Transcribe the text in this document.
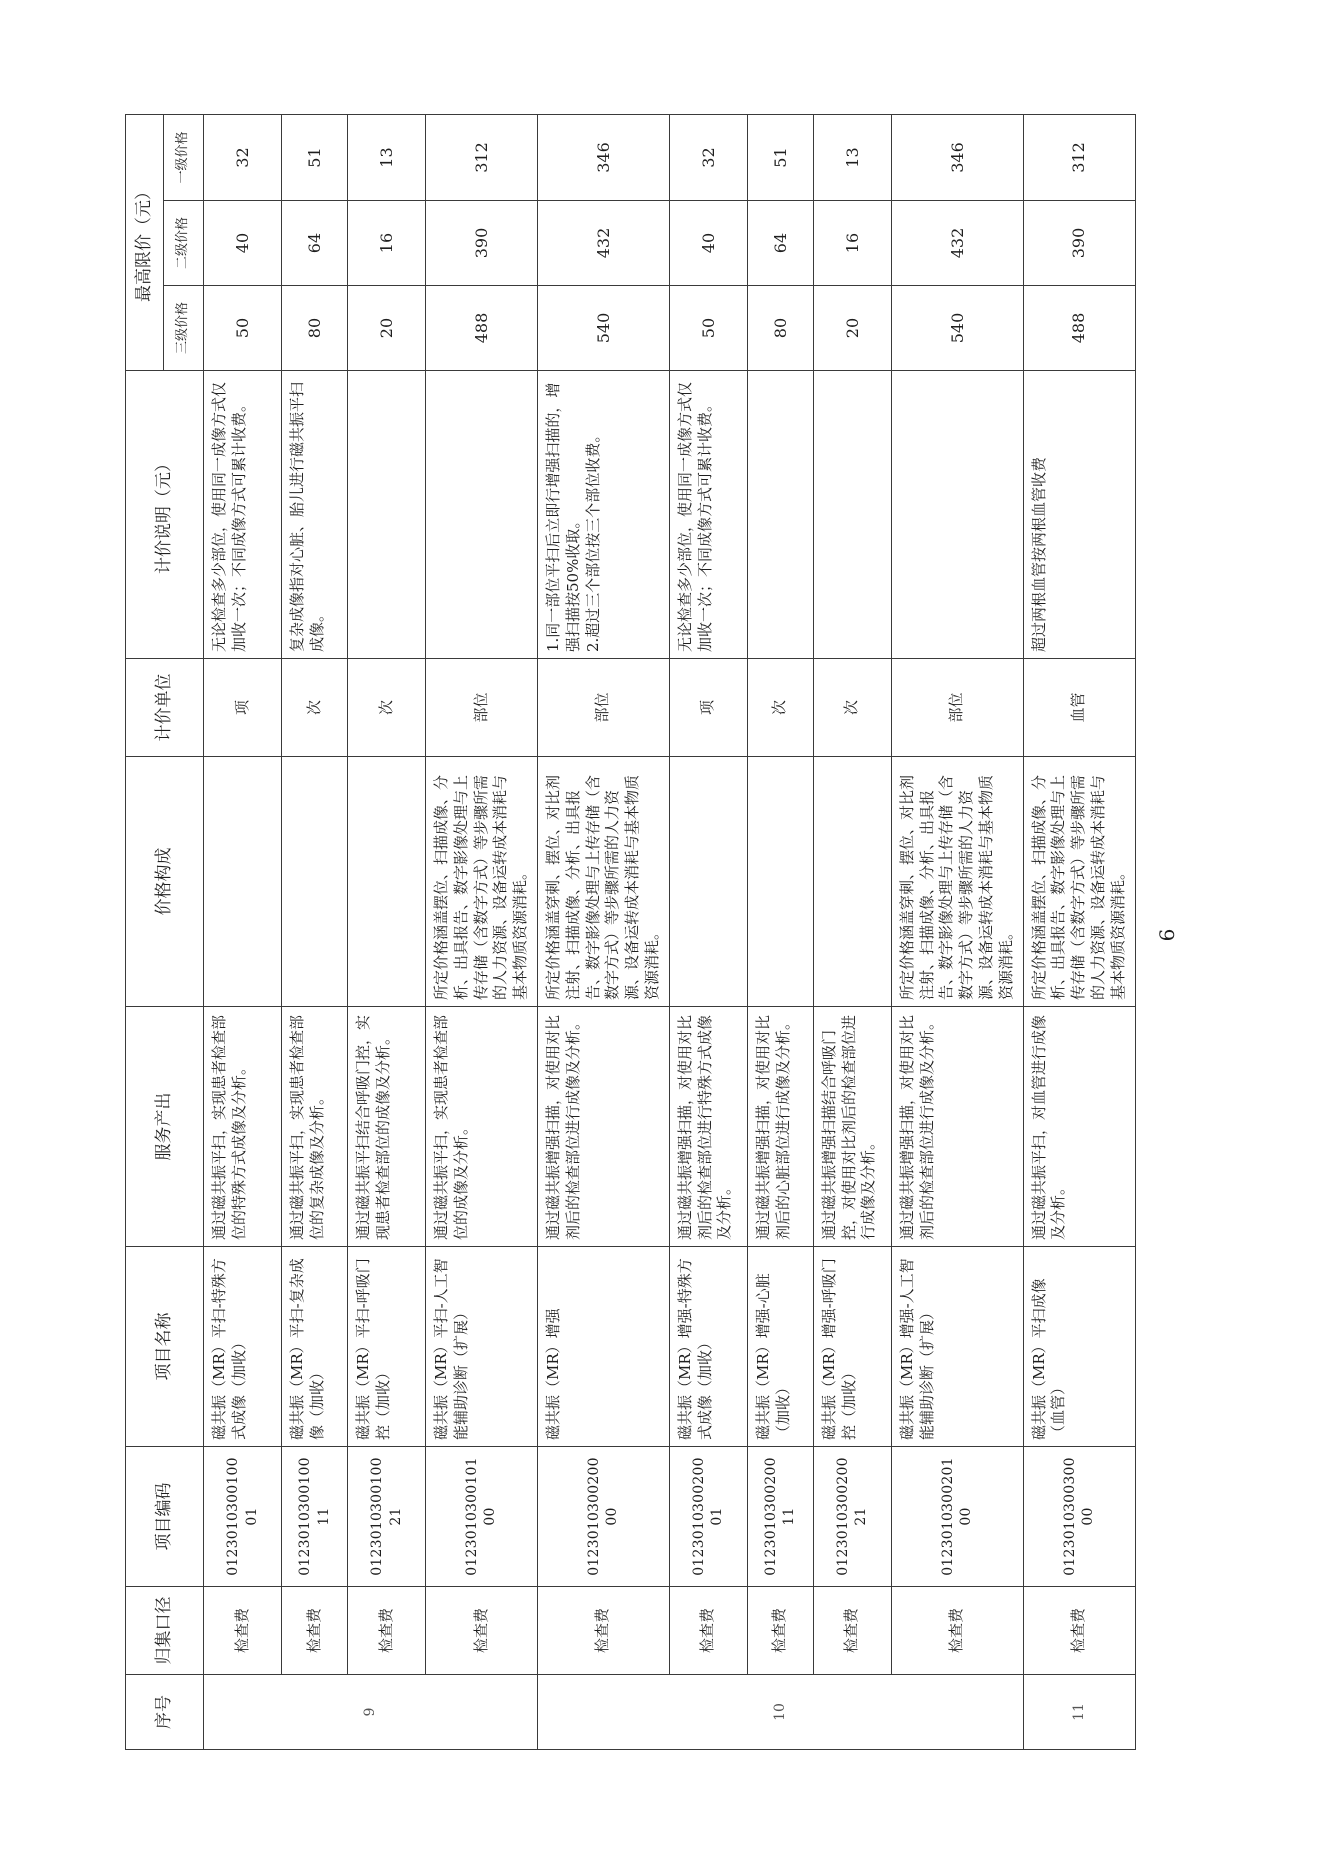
序号	归集口径	项目编码	项目名称	服务产出	价格构成	计价单位	计价说明（元）	最高限价（元）		
								三级价格	二级价格	一级价格
9	检查费	012301030010001	磁共振（MR）平扫-特殊方式成像（加收）	通过磁共振平扫，实现患者检查部位的特殊方式成像及分析。		项	无论检查多少部位，使用同一成像方式仅加收一次；不同成像方式可累计收费。	50	40	32
	检查费	012301030010011	磁共振（MR）平扫-复杂成像（加收）	通过磁共振平扫，实现患者检查部位的复杂成像及分析。		次	复杂成像指对心脏、胎儿进行磁共振平扫成像。	80	64	51
	检查费	012301030010021	磁共振（MR）平扫-呼吸门控（加收）	通过磁共振平扫结合呼吸门控，实现患者检查部位的成像及分析。		次		20	16	13
	检查费	012301030010100	磁共振（MR）平扫-人工智能辅助诊断（扩展）	通过磁共振平扫，实现患者检查部位的成像及分析。	所定价格涵盖摆位、扫描成像、分析、出具报告、数字影像处理与上传存储（含数字方式）等步骤所需的人力资源、设备运转成本消耗与基本物质资源消耗。	部位		488	390	312
10	检查费	012301030020000	磁共振（MR）增强	通过磁共振增强扫描，对使用对比剂后的检查部位进行成像及分析。	所定价格涵盖穿刺、摆位、对比剂注射、扫描成像、分析、出具报告、数字影像处理与上传存储（含数字方式）等步骤所需的人力资源、设备运转成本消耗与基本物质资源消耗。	部位	1.同一部位平扫后立即行增强扫描的，增强扫描按50%收取。 2.超过三个部位按三个部位收费。	540	432	346
	检查费	012301030020001	磁共振（MR）增强-特殊方式成像（加收）	通过磁共振增强扫描，对使用对比剂后的检查部位进行特殊方式成像及分析。		项	无论检查多少部位，使用同一成像方式仅加收一次；不同成像方式可累计收费。	50	40	32
	检查费	012301030020011	磁共振（MR）增强-心脏（加收）	通过磁共振增强扫描，对使用对比剂后的心脏部位进行成像及分析。		次		80	64	51
	检查费	012301030020021	磁共振（MR）增强-呼吸门控（加收）	通过磁共振增强扫描结合呼吸门控，对使用对比剂后的检查部位进行成像及分析。		次		20	16	13
	检查费	012301030020100	磁共振（MR）增强-人工智能辅助诊断（扩展）	通过磁共振增强扫描，对使用对比剂后的检查部位进行成像及分析。	所定价格涵盖穿刺、摆位、对比剂注射、扫描成像、分析、出具报告、数字影像处理与上传存储（含数字方式）等步骤所需的人力资源、设备运转成本消耗与基本物质资源消耗。	部位		540	432	346
11	检查费	012301030030000	磁共振（MR）平扫成像（血管）	通过磁共振平扫，对血管进行成像及分析。	所定价格涵盖摆位、扫描成像、分析、出具报告、数字影像处理与上传存储（含数字方式）等步骤所需的人力资源、设备运转成本消耗与基本物质资源消耗。	血管	超过两根血管按两根血管收费	488	390	312
6
